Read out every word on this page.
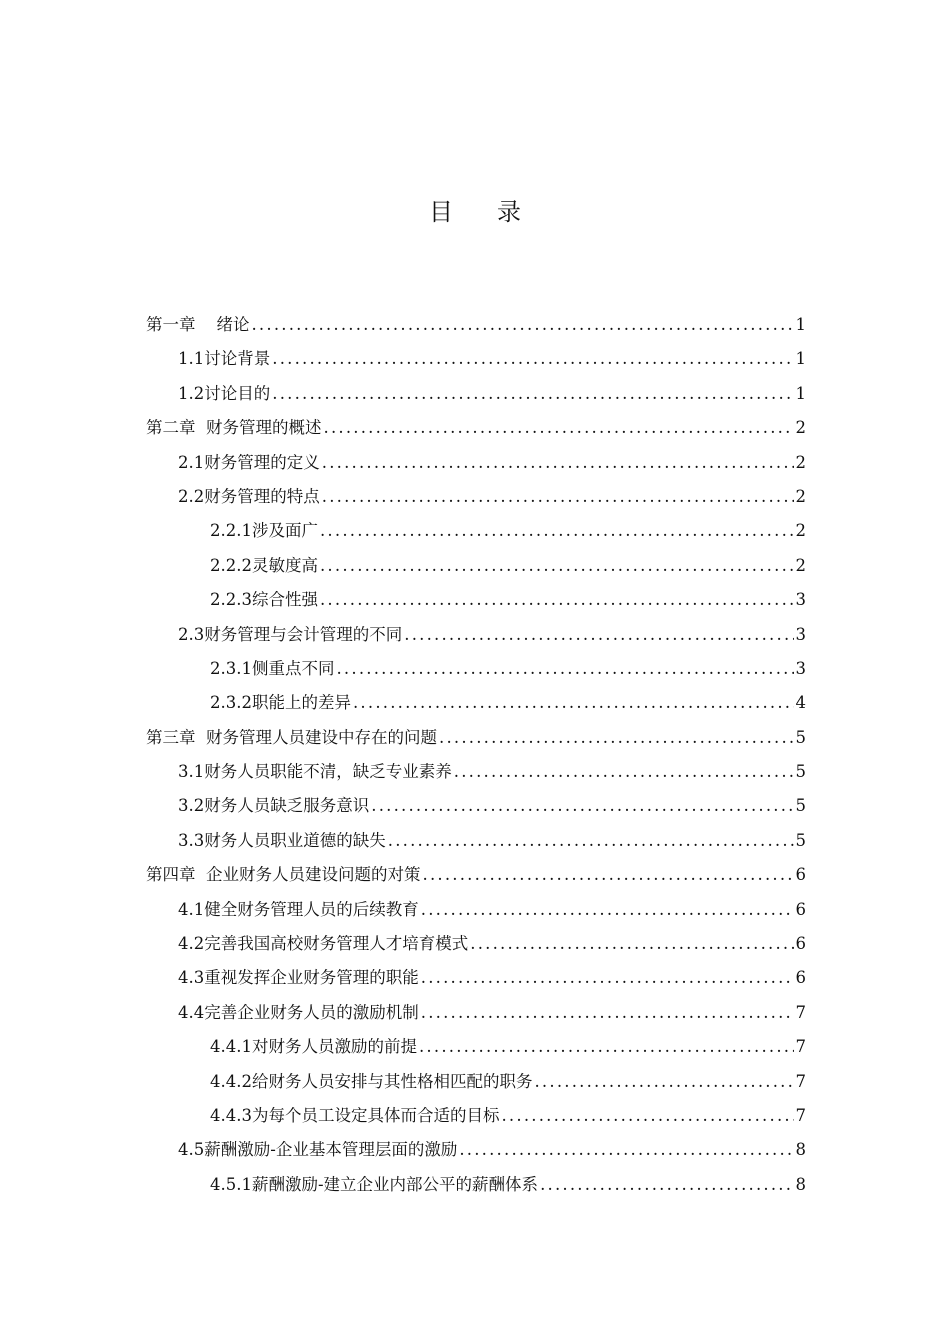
目录
第一章 绪论 .....	1
1.1 讨论背景 .....	1
1.2 讨论目的 .....	1
第二章 财务管理的概述 .....	2
2.1 财务管理的定义 .....	2
2.2 财务管理的特点 .....	2
2.2.1 涉及面广 .....	2
2.2.2 灵敏度高 .....	2
2.2.3 综合性强 .....	3
2.3 财务管理与会计管理的不同 .....	3
2.3.1 侧重点不同 .....	3
2.3.2 职能上的差异 .....	4
第三章 财务管理人员建设中存在的问题 .....	5
3.1 财务人员职能不清，缺乏专业素养 .....	5
3.2 财务人员缺乏服务意识 .....	5
3.3 财务人员职业道德的缺失 .....	5
第四章 企业财务人员建设问题的对策 .....	6
4.1 健全财务管理人员的后续教育 .....	6
4.2 完善我国高校财务管理人才培育模式 .....	6
4.3 重视发挥企业财务管理的职能 .....	6
4.4 完善企业财务人员的激励机制 .....	7
4.4.1 对财务人员激励的前提 .....	7
4.4.2 给财务人员安排与其性格相匹配的职务 .....	7
4.4.3 为每个员工设定具体而合适的目标 .....	7
4.5 薪酬激励-企业基本管理层面的激励 .....	8
4.5.1 薪酬激励-建立企业内部公平的薪酬体系 .....	8
